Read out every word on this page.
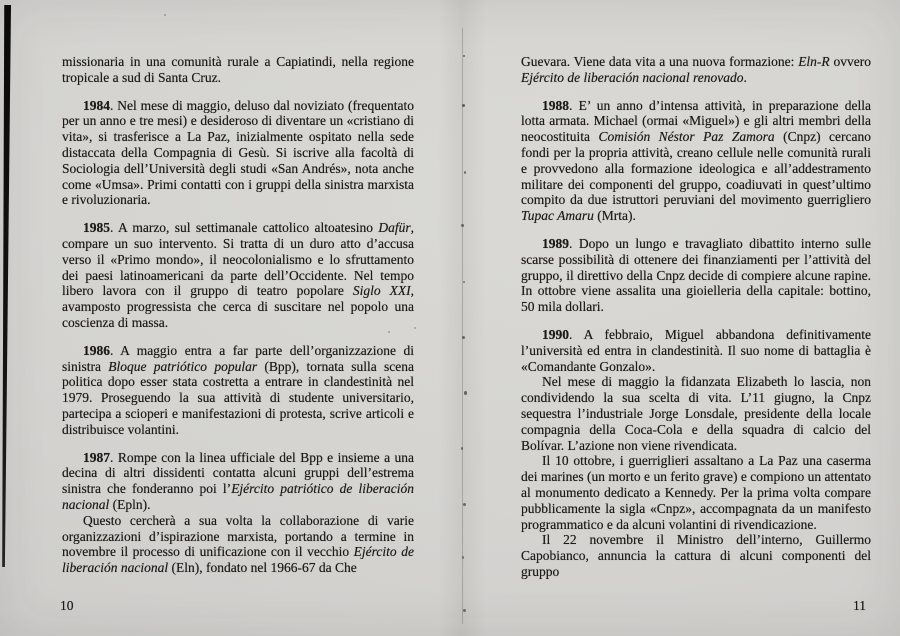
missionaria in una comunità rurale a Capiatindi, nella regione tropicale a sud di Santa Cruz.

1984. Nel mese di maggio, deluso dal noviziato (frequentato per un anno e tre mesi) e desideroso di diventare un «cristiano di vita», si trasferisce a La Paz, inizialmente ospitato nella sede distaccata della Compagnia di Gesù. Si iscrive alla facoltà di Sociologia dell’Università degli studi «San Andrés», nota anche come «Umsa». Primi contatti con i gruppi della sinistra marxista e rivoluzionaria.

1985. A marzo, sul settimanale cattolico altoatesino Dafür, compare un suo intervento. Si tratta di un duro atto d’accusa verso il «Primo mondo», il neocolonialismo e lo sfruttamento dei paesi latinoamericani da parte dell’Occidente. Nel tempo libero lavora con il gruppo di teatro popolare Siglo XXI, avamposto progressista che cerca di suscitare nel popolo una coscienza di massa.

1986. A maggio entra a far parte dell’organizzazione di sinistra Bloque patriótico popular (Bpp), tornata sulla scena politica dopo esser stata costretta a entrare in clandestinità nel 1979. Proseguendo la sua attività di studente universitario, partecipa a scioperi e manifestazioni di protesta, scrive articoli e distribuisce volantini.

1987. Rompe con la linea ufficiale del Bpp e insieme a una decina di altri dissidenti contatta alcuni gruppi dell’estrema sinistra che fonderanno poi l’Ejército patriótico de liberación nacional (Epln).

Questo cercherà a sua volta la collaborazione di varie organizzazioni d’ispirazione marxista, portando a termine in novembre il processo di unificazione con il vecchio Ejército de liberación nacional (Eln), fondato nel 1966-67 da Che

Guevara. Viene data vita a una nuova formazione: Eln-R ovvero Ejército de liberación nacional renovado.

1988. E’ un anno d’intensa attività, in preparazione della lotta armata. Michael (ormai «Miguel») e gli altri membri della neocostituita Comisión Néstor Paz Zamora (Cnpz) cercano fondi per la propria attività, creano cellule nelle comunità rurali e provvedono alla formazione ideologica e all’addestramento militare dei componenti del gruppo, coadiuvati in quest’ultimo compito da due istruttori peruviani del movimento guerrigliero Tupac Amaru (Mrta).

1989. Dopo un lungo e travagliato dibattito interno sulle scarse possibilità di ottenere dei finanziamenti per l’attività del gruppo, il direttivo della Cnpz decide di compiere alcune rapine. In ottobre viene assalita una gioielleria della capitale: bottino, 50 mila dollari.

1990. A febbraio, Miguel abbandona definitivamente l’università ed entra in clandestinità. Il suo nome di battaglia è «Comandante Gonzalo».

Nel mese di maggio la fidanzata Elizabeth lo lascia, non condividendo la sua scelta di vita. L’11 giugno, la Cnpz sequestra l’industriale Jorge Lonsdale, presidente della locale compagnia della Coca-Cola e della squadra di calcio del Bolívar. L’azione non viene rivendicata.

Il 10 ottobre, i guerriglieri assaltano a La Paz una caserma dei marines (un morto e un ferito grave) e compiono un attentato al monumento dedicato a Kennedy. Per la prima volta compare pubblicamente la sigla «Cnpz», accompagnata da un manifesto programmatico e da alcuni volantini di rivendicazione.

Il 22 novembre il Ministro dell’interno, Guillermo Capobianco, annuncia la cattura di alcuni componenti del gruppo

10	11
